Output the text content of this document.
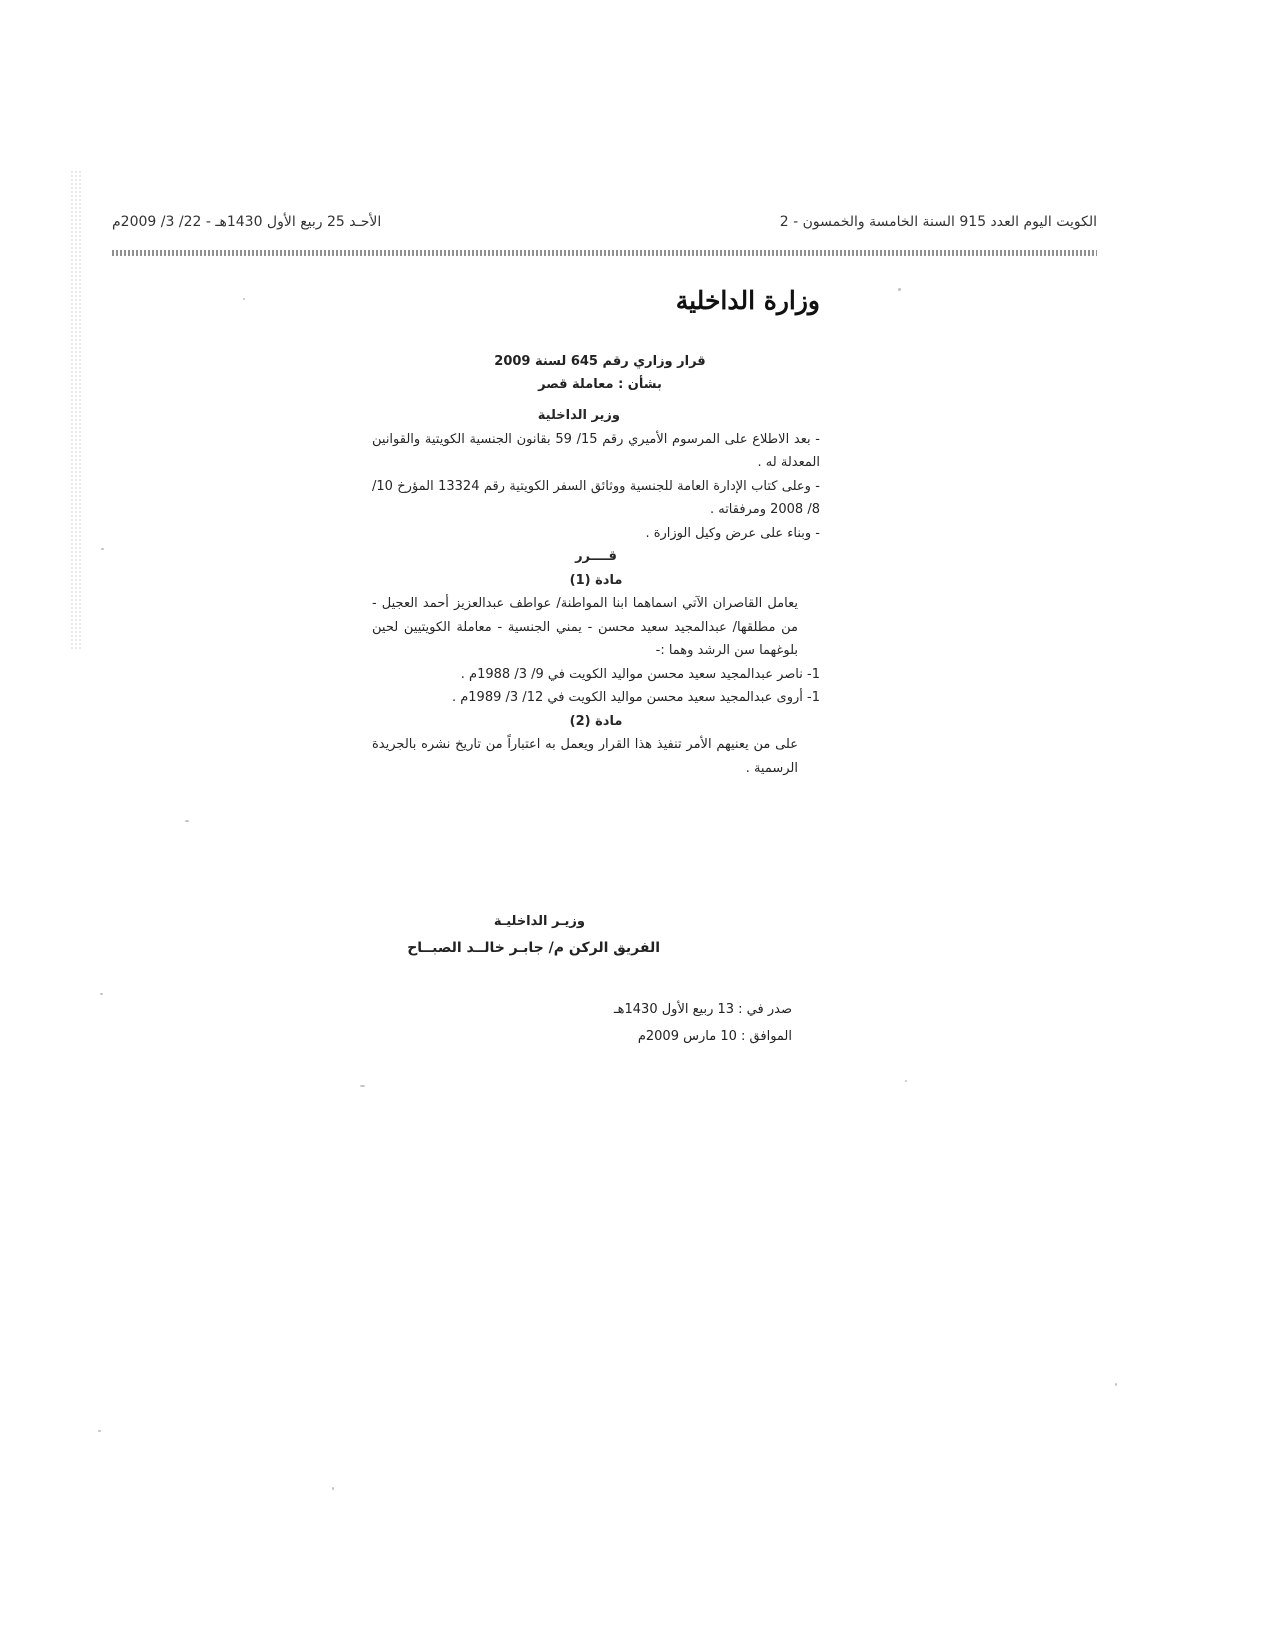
الكويت اليوم العدد 915 السنة الخامسة والخمسون - 2
الأحـد 25 ربيع الأول 1430هـ - 22/ 3/ 2009م
وزارة الداخلية
قرار وزاري رقم 645 لسنة 2009
بشأن : معاملة قصر

وزير الداخلية

- بعد الاطلاع على المرسوم الأميري رقم 15/ 59 بقانون الجنسية الكويتية والقوانين المعدلة له .

- وعلى كتاب الإدارة العامة للجنسية ووثائق السفر الكويتية رقم 13324 المؤرخ 10/ 8/ 2008 ومرفقاته .

- وبناء على عرض وكيل الوزارة .

قــــرر

مادة (1)

يعامل القاصران الآتي اسماهما ابنا المواطنة/ عواطف عبدالعزيز أحمد العجيل - من مطلقها/ عبدالمجيد سعيد محسن - يمني الجنسية - معاملة الكويتيين لحين بلوغهما سن الرشد وهما :-

1- ناصر عبدالمجيد سعيد محسن مواليد الكويت في 9/ 3/ 1988م .

1- أروى عبدالمجيد سعيد محسن مواليد الكويت في 12/ 3/ 1989م .

مادة (2)

على من يعنيهم الأمر تنفيذ هذا القرار ويعمل به اعتباراً من تاريخ نشره بالجريدة الرسمية .

وزيـر الداخليـة
الفريق الركن م/ جابـر خالــد الصبــاح
صدر في : 13 ربيع الأول 1430هـ
الموافق : 10 مارس 2009م
